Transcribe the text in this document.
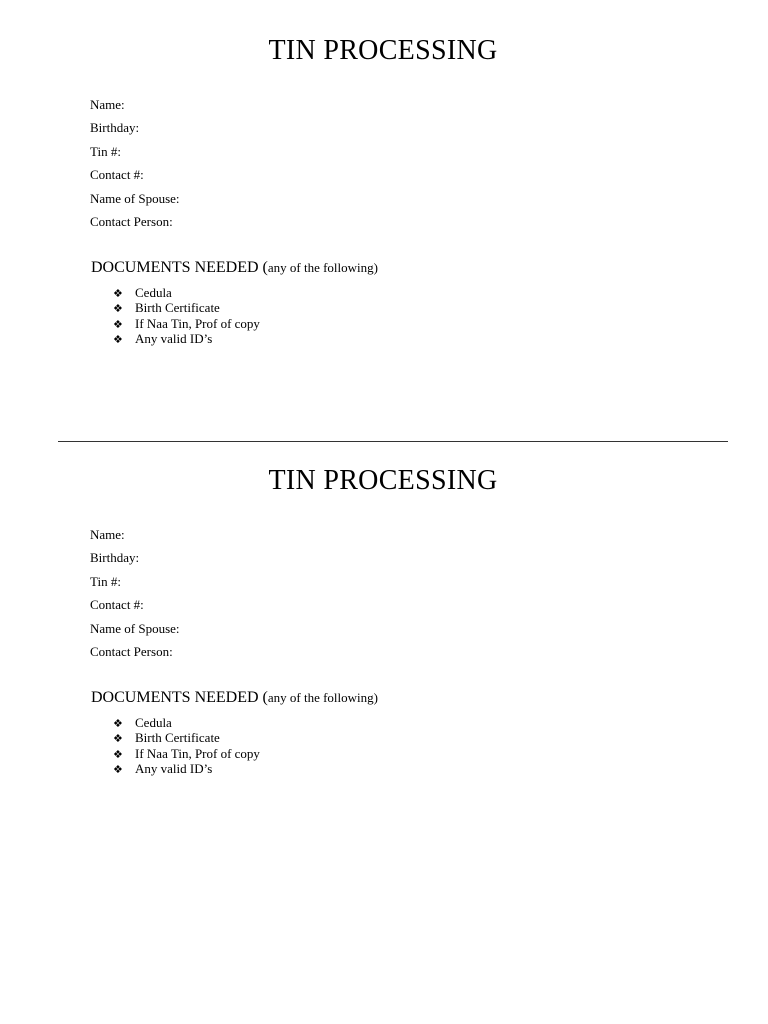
TIN PROCESSING
Name:
Birthday:
Tin #:
Contact #:
Name of Spouse:
Contact Person:
DOCUMENTS NEEDED (any of the following)
❖ Cedula
❖ Birth Certificate
❖ If Naa Tin, Prof of copy
❖ Any valid ID’s
TIN PROCESSING
Name:
Birthday:
Tin #:
Contact #:
Name of Spouse:
Contact Person:
DOCUMENTS NEEDED (any of the following)
❖ Cedula
❖ Birth Certificate
❖ If Naa Tin, Prof of copy
❖ Any valid ID’s
